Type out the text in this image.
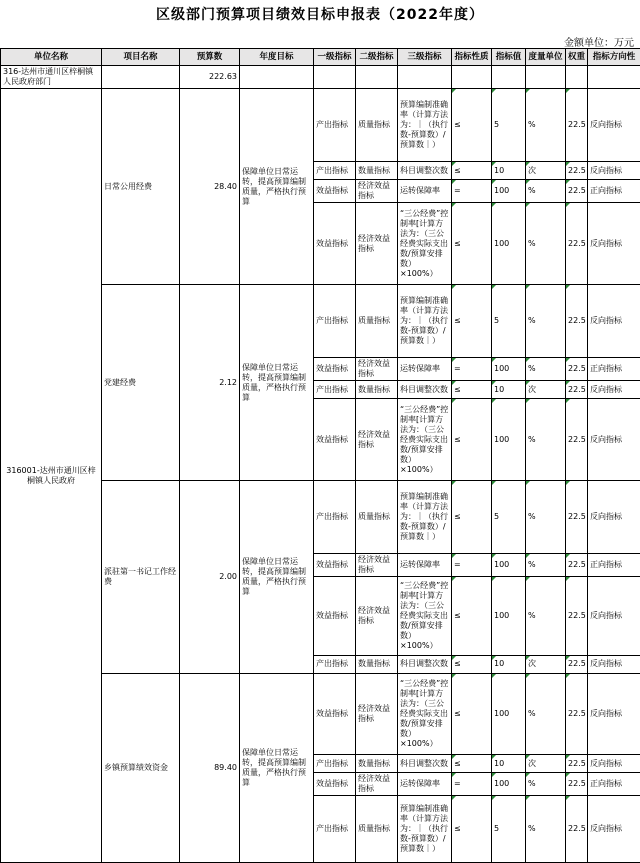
区级部门预算项目绩效目标申报表（2022年度）
金额单位：万元
单位名称	项目名称	预算数	年度目标	一级指标	二级指标	三级指标	指标性质	指标值	度量单位	权重	指标方向性
316-达州市通川区梓桐镇人民政府部门		222.63									
316001-达州市通川区梓桐镇人民政府	日常公用经费	28.40	保障单位日常运转，提高预算编制质量，严格执行预算	产出指标	质量指标	预算编制准确率（计算方法为：｜（执行数-预算数）/预算数｜）	≤	5	%	22.5	反向指标
				产出指标	数量指标	科目调整次数	≤	10	次	22.5	反向指标
				效益指标	经济效益指标	运转保障率	=	100	%	22.5	正向指标
				效益指标	经济效益指标	“三公经费”控制率[计算方法为：（三公经费实际支出数/预算安排数）×100%）	≤	100	%	22.5	反向指标
	党建经费	2.12	保障单位日常运转，提高预算编制质量，严格执行预算	产出指标	质量指标	预算编制准确率（计算方法为：｜（执行数-预算数）/预算数｜）	≤	5	%	22.5	反向指标
				效益指标	经济效益指标	运转保障率	=	100	%	22.5	正向指标
				产出指标	数量指标	科目调整次数	≤	10	次	22.5	反向指标
				效益指标	经济效益指标	“三公经费”控制率[计算方法为：（三公经费实际支出数/预算安排数）×100%）	≤	100	%	22.5	反向指标
	派驻第一书记工作经费	2.00	保障单位日常运转，提高预算编制质量，严格执行预算	产出指标	质量指标	预算编制准确率（计算方法为：｜（执行数-预算数）/预算数｜）	≤	5	%	22.5	反向指标
				效益指标	经济效益指标	运转保障率	=	100	%	22.5	正向指标
				效益指标	经济效益指标	“三公经费”控制率[计算方法为：（三公经费实际支出数/预算安排数）×100%）	≤	100	%	22.5	反向指标
				产出指标	数量指标	科目调整次数	≤	10	次	22.5	反向指标
	乡镇预算绩效资金	89.40	保障单位日常运转，提高预算编制质量，严格执行预算	效益指标	经济效益指标	“三公经费”控制率[计算方法为：（三公经费实际支出数/预算安排数）×100%）	≤	100	%	22.5	反向指标
				产出指标	数量指标	科目调整次数	≤	10	次	22.5	反向指标
				效益指标	经济效益指标	运转保障率	=	100	%	22.5	正向指标
				产出指标	质量指标	预算编制准确率（计算方法为：｜（执行数-预算数）/预算数｜）	≤	5	%	22.5	反向指标
